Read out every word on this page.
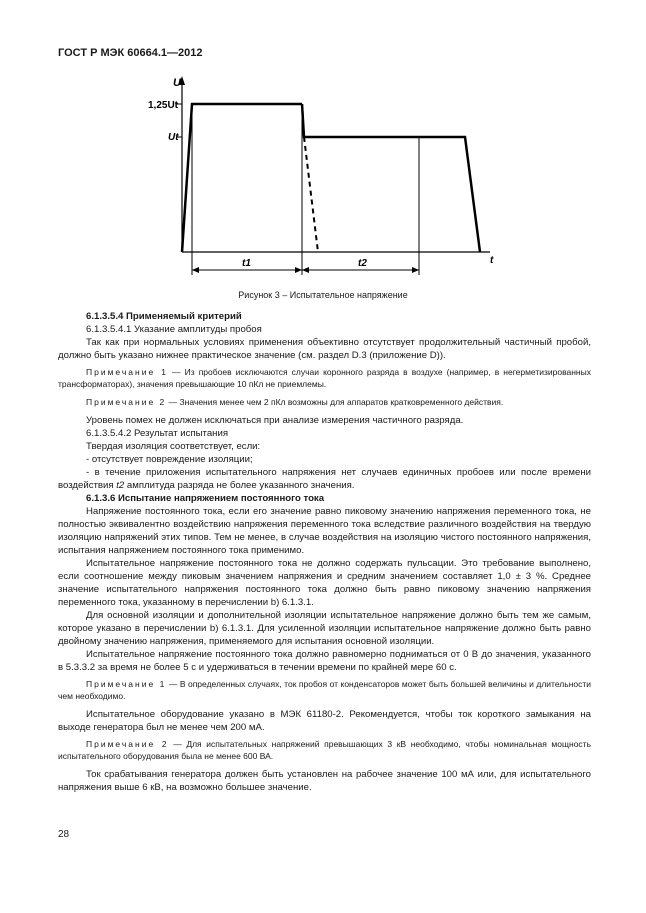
ГОСТ Р МЭК 60664.1—2012
U
1,25Ut
Ut
t
t1	t2
Рисунок 3 – Испытательное напряжение

6.1.3.5.4 Применяемый критерий

6.1.3.5.4.1 Указание амплитуды пробоя

Так как при нормальных условиях применения объективно отсутствует продолжительный частичный пробой, должно быть указано нижнее практическое значение (см. раздел D.3 (приложение D)).

Примечание 1 — Из пробоев исключаются случаи коронного разряда в воздухе (например, в негерметизированных трансформаторах), значения превышающие 10 пКл не приемлемы.

Примечание 2 — Значения менее чем 2 пКл возможны для аппаратов кратковременного действия.

Уровень помех не должен исключаться при анализе измерения частичного разряда.

6.1.3.5.4.2 Результат испытания

Твердая изоляция соответствует, если:

- отсутствует повреждение изоляции;

- в течение приложения испытательного напряжения нет случаев единичных пробоев или после времени воздействия t2 амплитуда разряда не более указанного значения.

6.1.3.6 Испытание напряжением постоянного тока

Напряжение постоянного тока, если его значение равно пиковому значению напряжения переменного тока, не полностью эквивалентно воздействию напряжения переменного тока вследствие различного воздействия на твердую изоляцию напряжений этих типов. Тем не менее, в случае воздействия на изоляцию чистого постоянного напряжения, испытания напряжением постоянного тока применимо.

Испытательное напряжение постоянного тока не должно содержать пульсации. Это требование выполнено, если соотношение между пиковым значением напряжения и средним значением составляет 1,0 ± 3 %. Среднее значение испытательного напряжения постоянного тока должно быть равно пиковому значению напряжения переменного тока, указанному в перечислении b) 6.1.3.1.

Для основной изоляции и дополнительной изоляции испытательное напряжение должно быть тем же самым, которое указано в перечислении b) 6.1.3.1. Для усиленной изоляции испытательное напряжение должно быть равно двойному значению напряжения, применяемого для испытания основной изоляции.

Испытательное напряжение постоянного тока должно равномерно подниматься от 0 В до значения, указанного в 5.3.3.2 за время не более 5 с и удерживаться в течении времени по крайней мере 60 с.

Примечание 1 — В определенных случаях, ток пробоя от конденсаторов может быть большей величины и длительности чем необходимо.

Испытательное оборудование указано в МЭК 61180-2. Рекомендуется, чтобы ток короткого замыкания на выходе генератора был не менее чем 200 мА.

Примечание 2 — Для испытательных напряжений превышающих 3 кВ необходимо, чтобы номинальная мощность испытательного оборудования была не менее 600 ВА.

Ток срабатывания генератора должен быть установлен на рабочее значение 100 мА или, для испытательного напряжения выше 6 кВ, на возможно большее значение.

28
